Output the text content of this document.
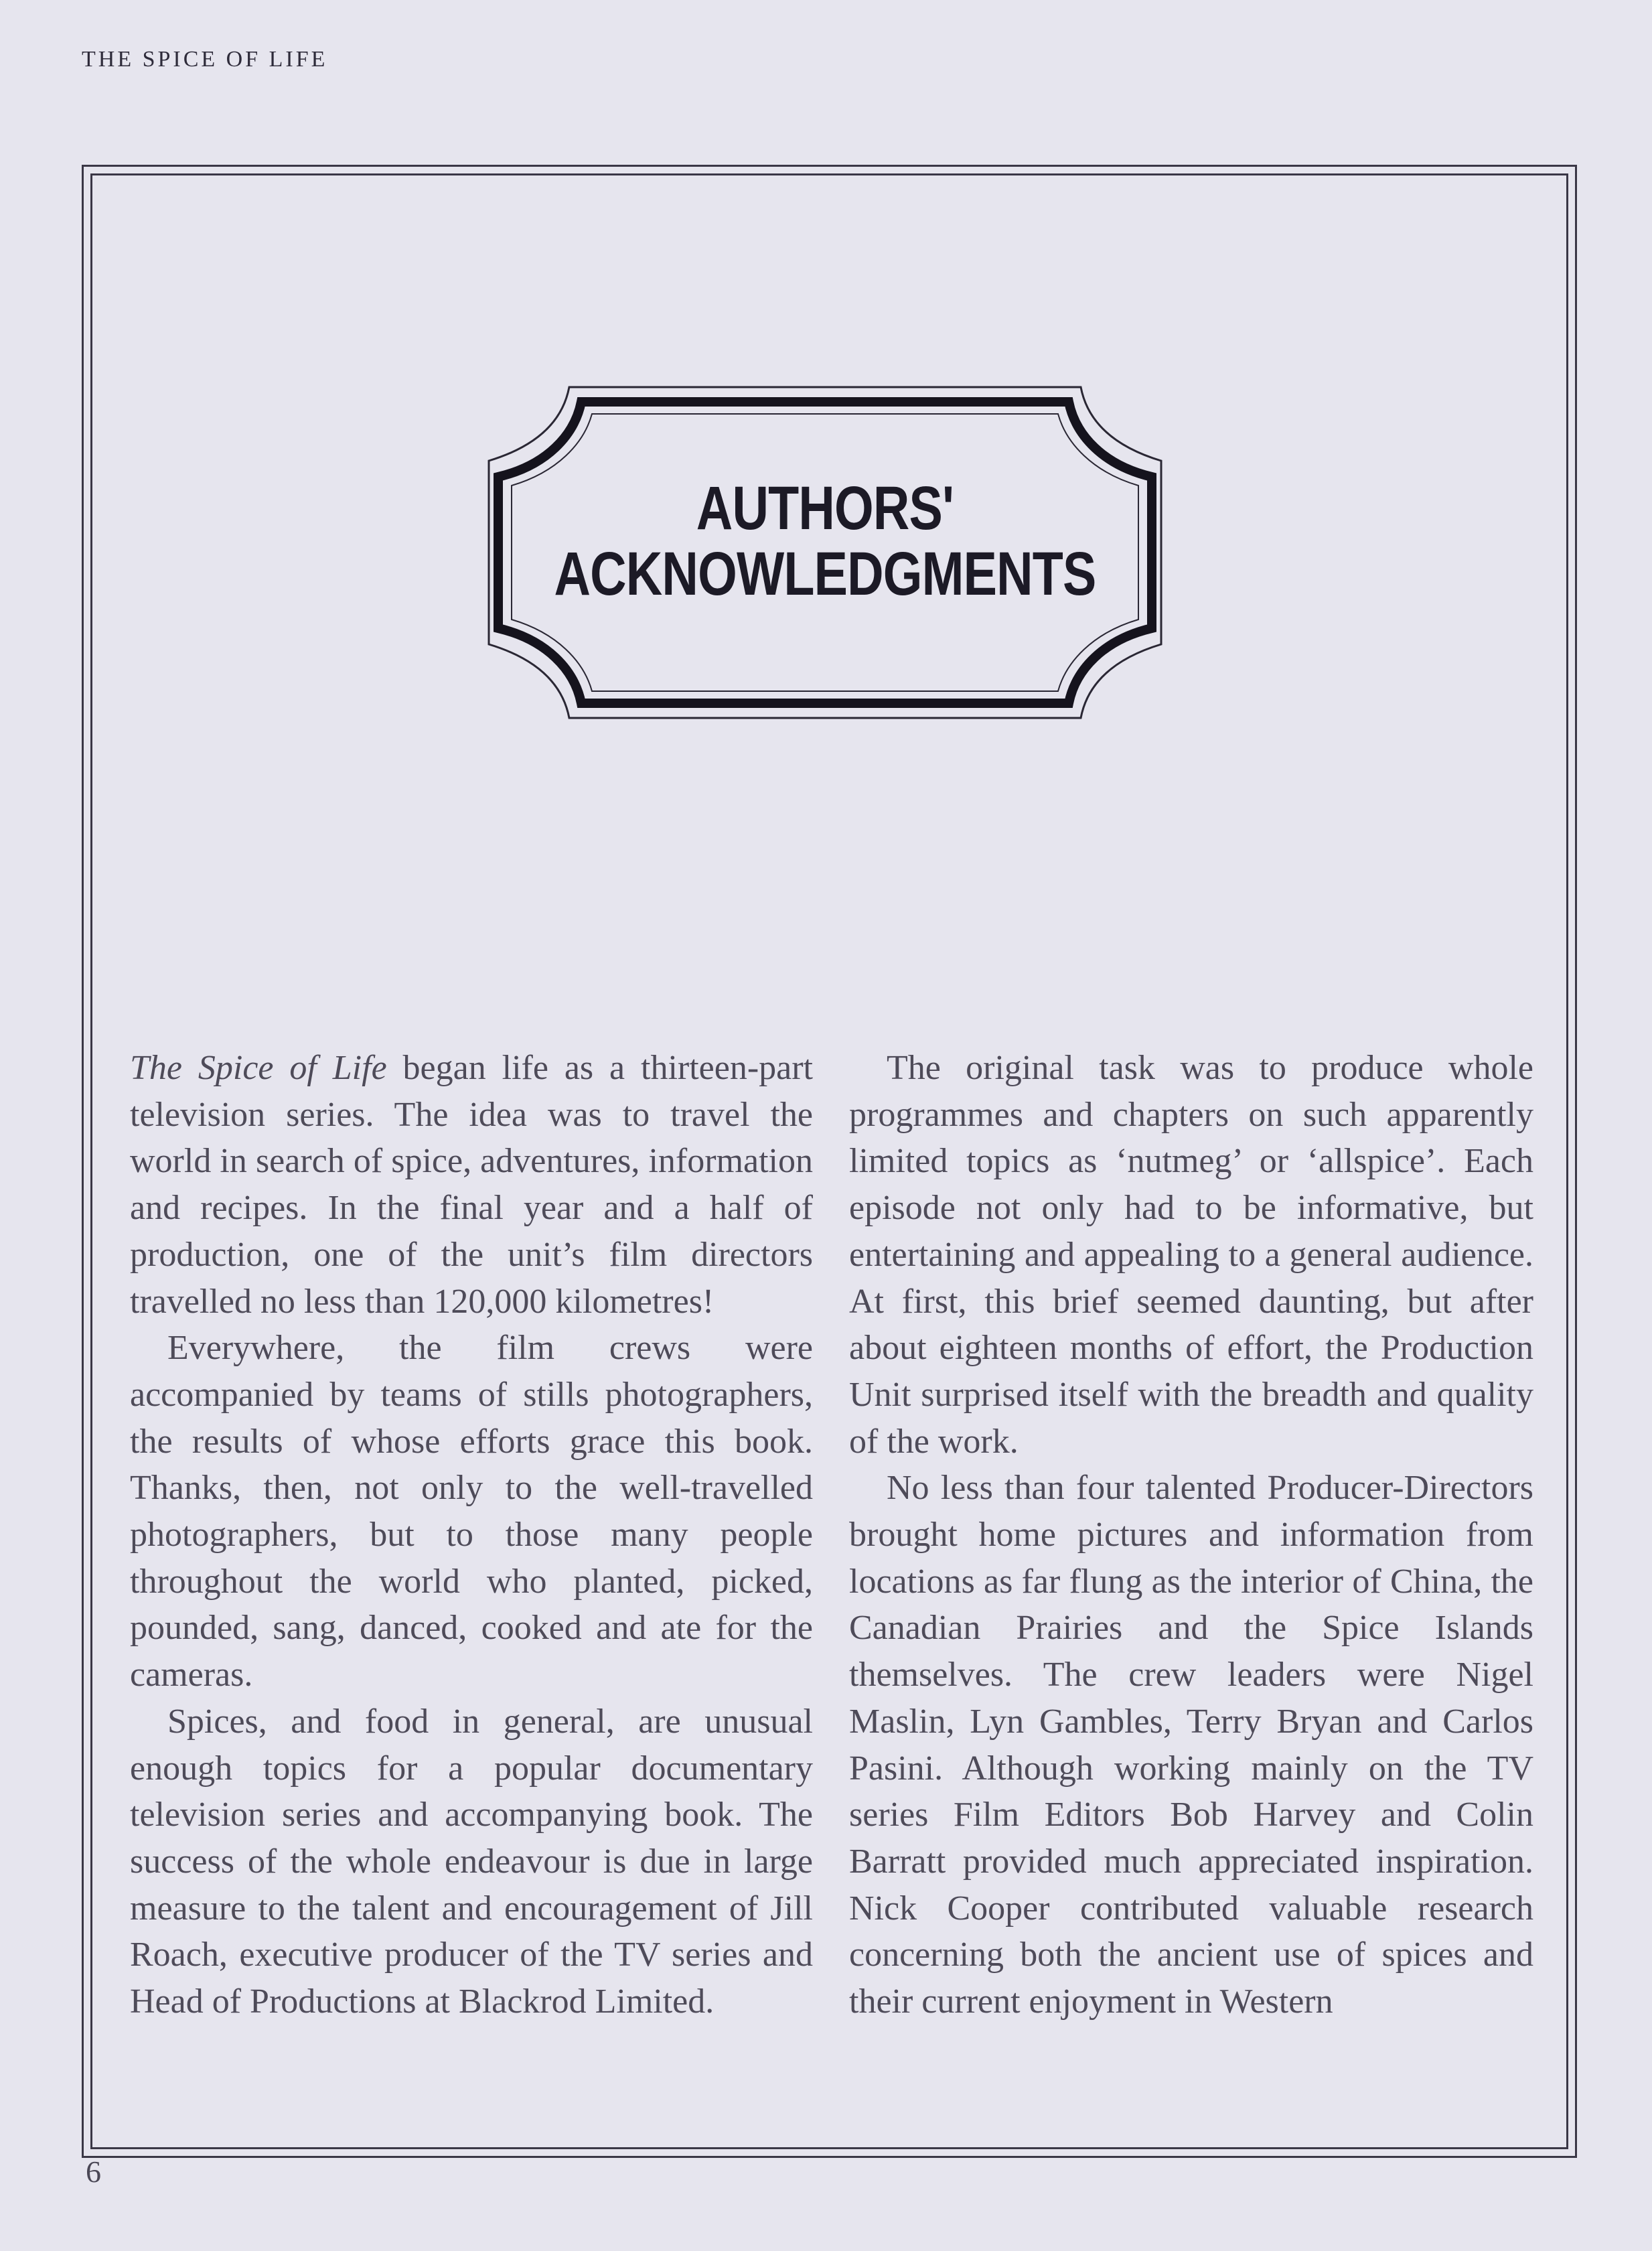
THE SPICE OF LIFE
AUTHORS'
ACKNOWLEDGMENTS

The Spice of Life began life as a thirteen-part television series. The idea was to travel the world in search of spice, adventures, information and recipes. In the final year and a half of production, one of the unit’s film directors travelled no less than 120,000 kilometres!

Everywhere, the film crews were accompanied by teams of stills photographers, the results of whose efforts grace this book. Thanks, then, not only to the well-travelled photographers, but to those many people throughout the world who planted, picked, pounded, sang, danced, cooked and ate for the cameras.

Spices, and food in general, are unusual enough topics for a popular documentary television series and accompanying book. The success of the whole endeavour is due in large measure to the talent and encouragement of Jill Roach, executive producer of the TV series and Head of Productions at Blackrod Limited.

The original task was to produce whole programmes and chapters on such apparently limited topics as ‘nutmeg’ or ‘allspice’. Each episode not only had to be informative, but entertaining and appealing to a general audience. At first, this brief seemed daunting, but after about eighteen months of effort, the Production Unit surprised itself with the breadth and quality of the work.

No less than four talented Producer-Directors brought home pictures and information from locations as far flung as the interior of China, the Canadian Prairies and the Spice Islands themselves. The crew leaders were Nigel Maslin, Lyn Gambles, Terry Bryan and Carlos Pasini. Although working mainly on the TV series Film Editors Bob Harvey and Colin Barratt provided much appreciated inspiration. Nick Cooper contributed valuable research concerning both the ancient use of spices and their current enjoyment in Western

6
